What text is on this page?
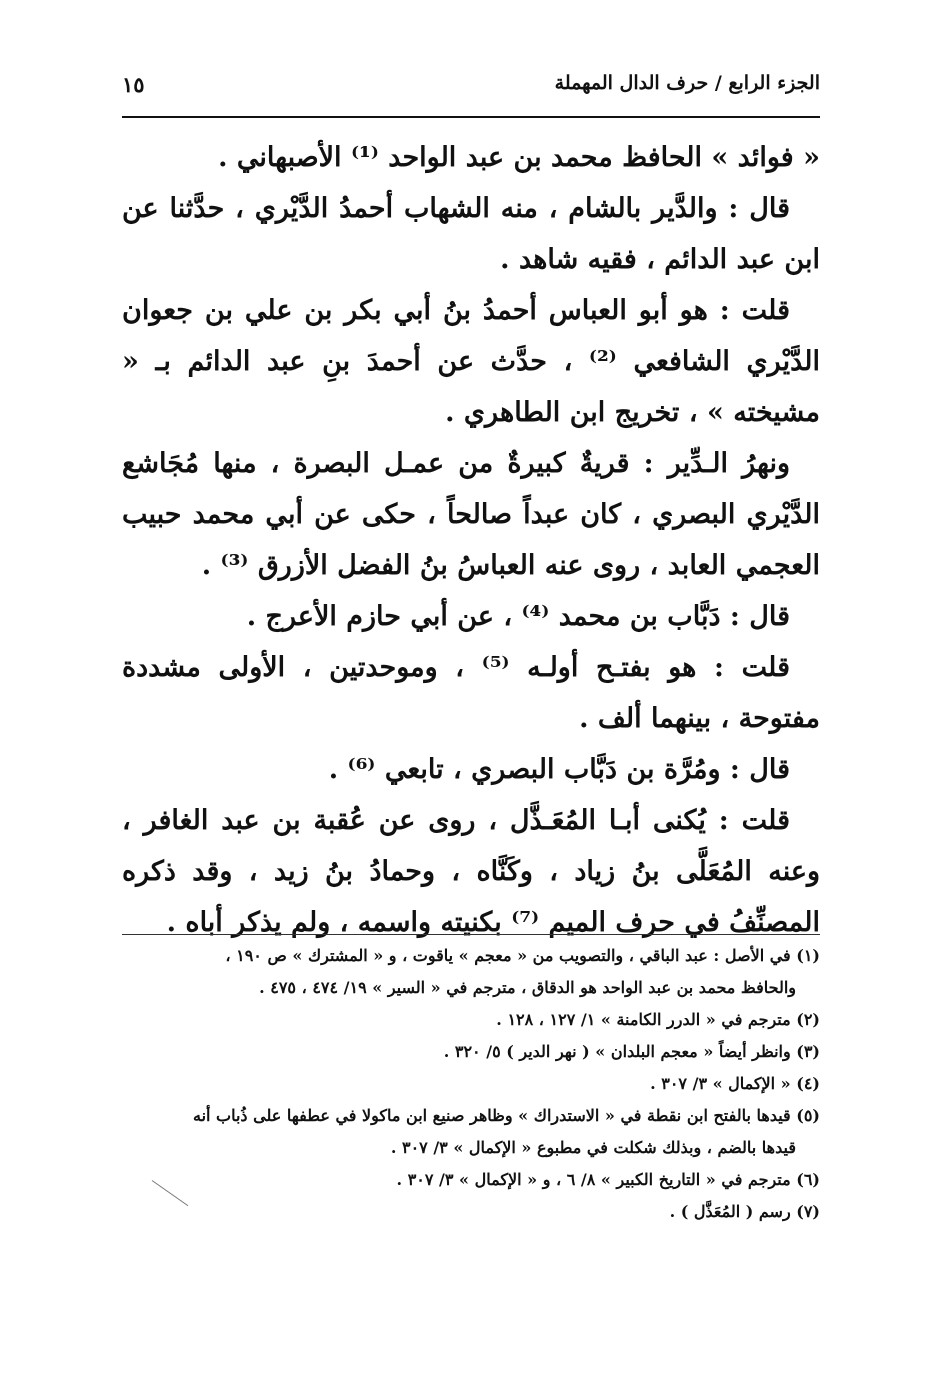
الجزء الرابع / حرف الدال المهملة
١٥

« فوائد » الحافظ محمد بن عبد الواحد ⁽¹⁾ الأصبهاني .

قال : والدَّير بالشام ، منه الشهاب أحمدُ الدَّيْري ، حدَّثنا عن ابن عبد الدائم ، فقيه شاهد .

قلت : هو أبو العباس أحمدُ بنُ أبي بكر بن علي بن جعوان الدَّيْري الشافعي ⁽²⁾ ، حدَّث عن أحمدَ بنِ عبد الدائم بـ « مشيخته » ، تخريج ابن الطاهري .

ونهرُ الـدِّير : قريةٌ كبيرةٌ من عمـل البصرة ، منها مُجَاشع الدَّيْري البصري ، كان عبداً صالحاً ، حكى عن أبي محمد حبيب العجمي العابد ، روى عنه العباسُ بنُ الفضل الأزرق ⁽³⁾ .

قال : دَبَّاب بن محمد ⁽⁴⁾ ، عن أبي حازم الأعرج .

قلت : هو بفتـح أولـه ⁽⁵⁾ ، وموحدتين ، الأولى مشددة مفتوحة ، بينهما ألف .

قال : ومُرَّة بن دَبَّاب البصري ، تابعي ⁽⁶⁾ .

قلت : يُكنى أبـا المُعَـذَّل ، روى عن عُقبة بن عبد الغافر ، وعنه المُعَلَّى بنُ زياد ، وكَنَّاه ، وحمادُ بنُ زيد ، وقد ذكره المصنِّفُ في حرف الميم ⁽⁷⁾ بكنيته واسمه ، ولم يذكر أباه .

(١) في الأصل : عبد الباقي ، والتصويب من « معجم » ياقوت ، و « المشترك » ص ١٩٠ ،

والحافظ محمد بن عبد الواحد هو الدقاق ، مترجم في « السير » ١٩/ ٤٧٤ ، ٤٧٥ .

(٢) مترجم في « الدرر الكامنة » ١/ ١٢٧ ، ١٢٨ .

(٣) وانظر أيضاً « معجم البلدان » ( نهر الدير ) ٥/ ٣٢٠ .

(٤) « الإكمال » ٣/ ٣٠٧ .

(٥) قيدها بالفتح ابن نقطة في « الاستدراك » وظاهر صنيع ابن ماكولا في عطفها على ذُباب أنه

قيدها بالضم ، وبذلك شكلت في مطبوع « الإكمال » ٣/ ٣٠٧ .

(٦) مترجم في « التاريخ الكبير » ٨/ ٦ ، و « الإكمال » ٣/ ٣٠٧ .

(٧) رسم ( المُعَذَّل ) .
